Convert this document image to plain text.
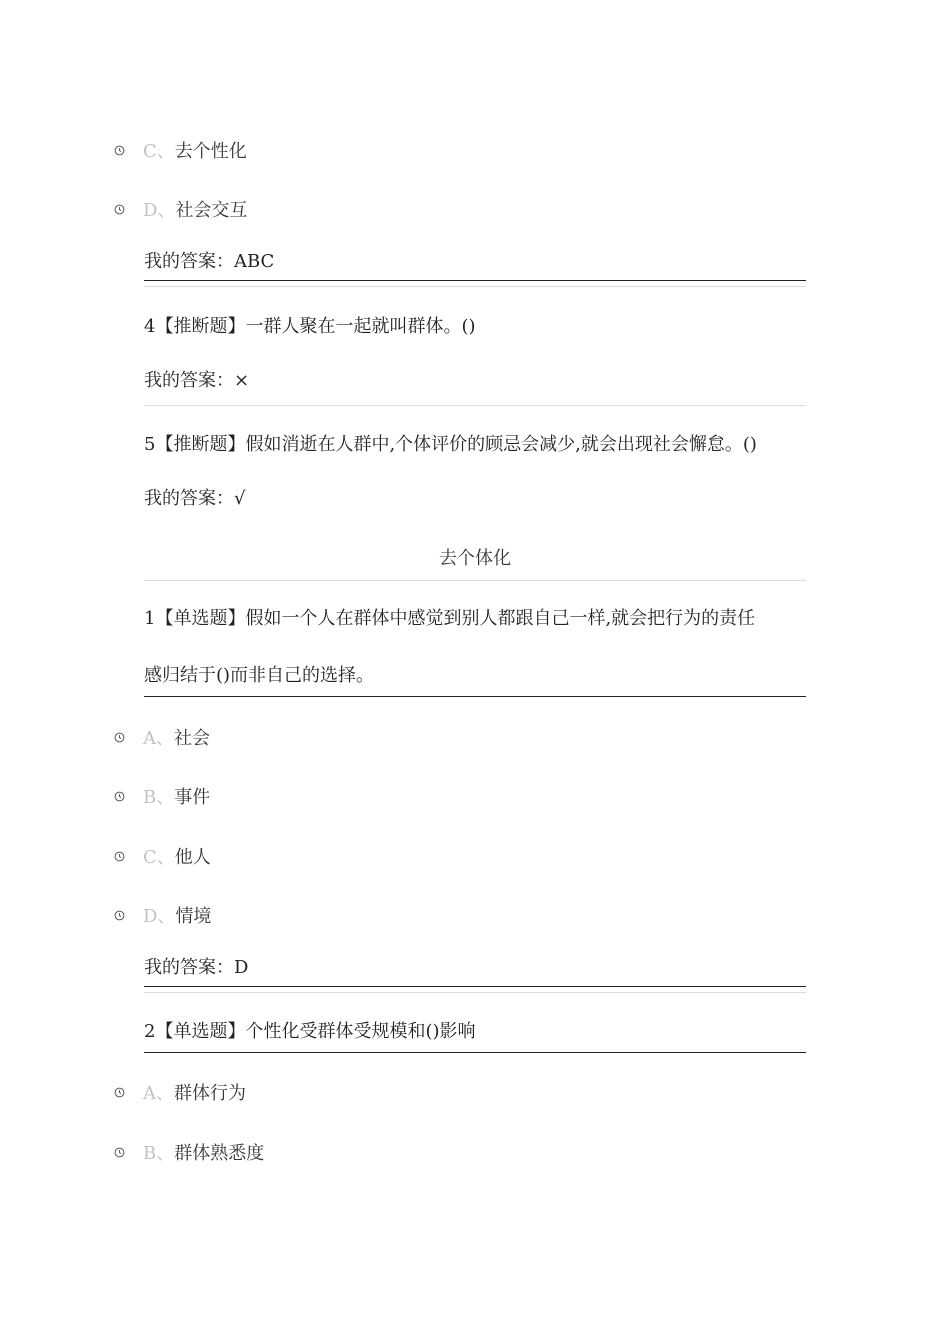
C、 去个性化
D、 社会交互
我的答案：ABC
4【推断题】一群人聚在一起就叫群体。()
我的答案：×
5【推断题】假如消逝在人群中,个体评价的顾忌会减少,就会出现社会懈怠。()
我的答案：√
去个体化
1【单选题】假如一个人在群体中感觉到别人都跟自己一样,就会把行为的责任
感归结于()而非自己的选择。
A、 社会
B、 事件
C、 他人
D、 情境
我的答案：D
2【单选题】个性化受群体受规模和()影响
A、 群体行为
B、 群体熟悉度
